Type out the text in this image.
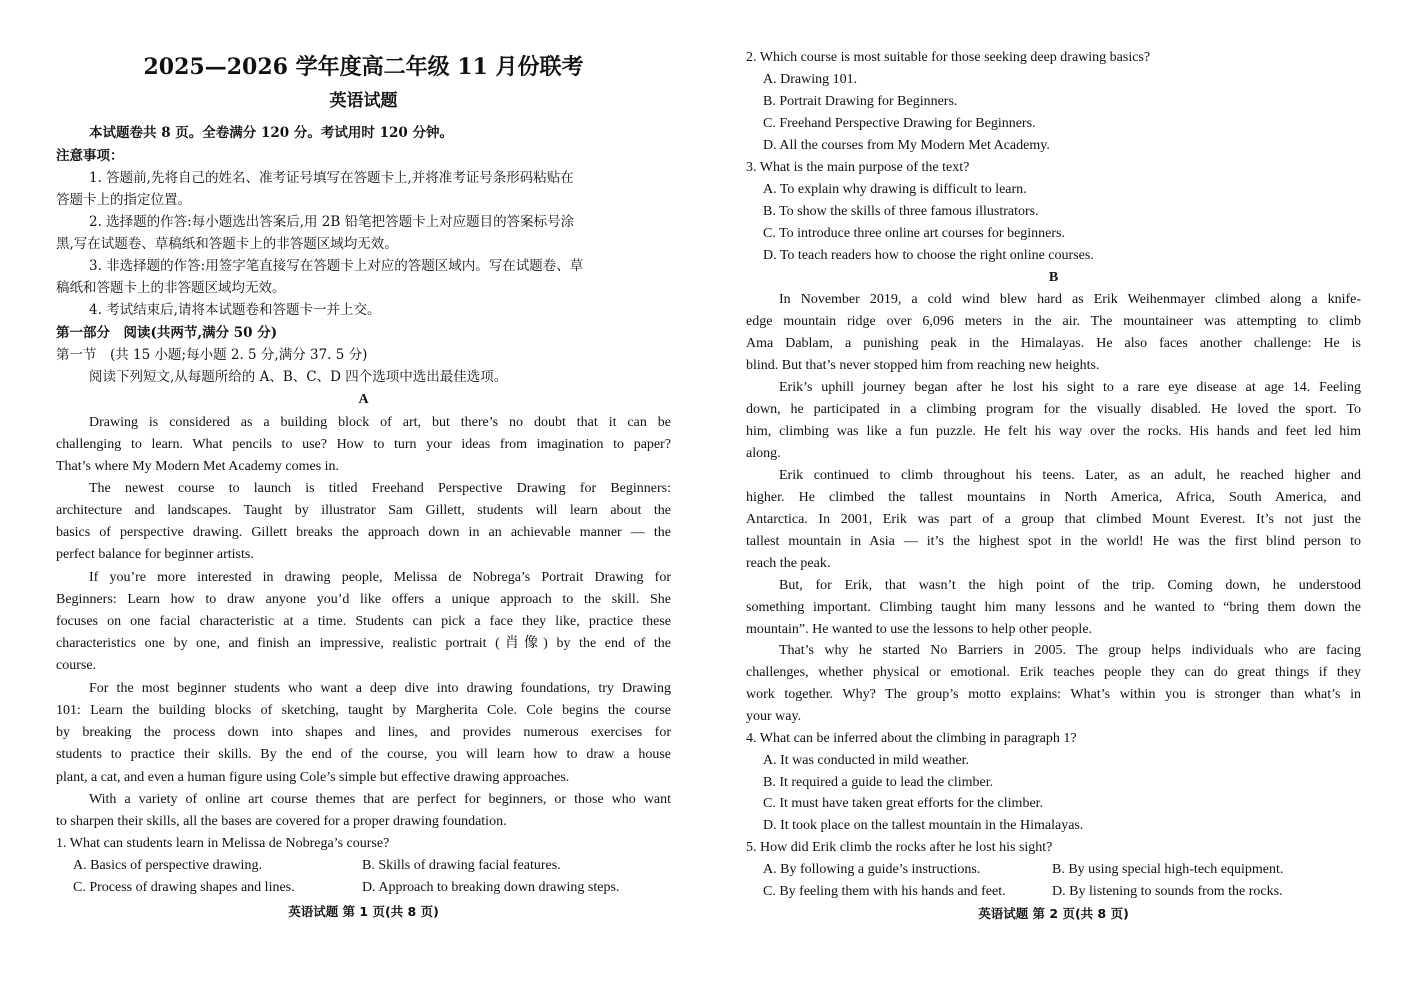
2025—2026 学年度高二年级 11 月份联考
英语试题
本试题卷共 8 页。全卷满分 120 分。考试用时 120 分钟。
注意事项：
1. 答题前,先将自己的姓名、准考证号填写在答题卡上,并将准考证号条形码粘贴在
答题卡上的指定位置。
2. 选择题的作答:每小题选出答案后,用 2B 铅笔把答题卡上对应题目的答案标号涂
黑,写在试题卷、草稿纸和答题卡上的非答题区域均无效。
3. 非选择题的作答:用签字笔直接写在答题卡上对应的答题区域内。写在试题卷、草
稿纸和答题卡上的非答题区域均无效。
4. 考试结束后,请将本试题卷和答题卡一并上交。
第一部分　阅读(共两节,满分 50 分)
第一节　(共 15 小题;每小题 2. 5 分,满分 37. 5 分)
阅读下列短文,从每题所给的 A、B、C、D 四个选项中选出最佳选项。
A
Drawing is considered as a building block of art, but there’s no doubt that it can be
challenging to learn. What pencils to use? How to turn your ideas from imagination to paper?
That’s where My Modern Met Academy comes in.
The newest course to launch is titled Freehand Perspective Drawing for Beginners:
architecture and landscapes. Taught by illustrator Sam Gillett, students will learn about the
basics of perspective drawing. Gillett breaks the approach down in an achievable manner — the
perfect balance for beginner artists.
If you’re more interested in drawing people, Melissa de Nobrega’s Portrait Drawing for
Beginners: Learn how to draw anyone you’d like offers a unique approach to the skill. She
focuses on one facial characteristic at a time. Students can pick a face they like, practice these
characteristics one by one, and finish an impressive, realistic portrait (肖像) by the end of the
course.
For the most beginner students who want a deep dive into drawing foundations, try Drawing
101: Learn the building blocks of sketching, taught by Margherita Cole. Cole begins the course
by breaking the process down into shapes and lines, and provides numerous exercises for
students to practice their skills. By the end of the course, you will learn how to draw a house
plant, a cat, and even a human figure using Cole’s simple but effective drawing approaches.
With a variety of online art course themes that are perfect for beginners, or those who want
to sharpen their skills, all the bases are covered for a proper drawing foundation.
1. What can students learn in Melissa de Nobrega’s course?
A. Basics of perspective drawing.	B. Skills of drawing facial features.
C. Process of drawing shapes and lines.	D. Approach to breaking down drawing steps.
英语试题 第 1 页(共 8 页)
2. Which course is most suitable for those seeking deep drawing basics?
A. Drawing 101.
B. Portrait Drawing for Beginners.
C. Freehand Perspective Drawing for Beginners.
D. All the courses from My Modern Met Academy.
3. What is the main purpose of the text?
A. To explain why drawing is difficult to learn.
B. To show the skills of three famous illustrators.
C. To introduce three online art courses for beginners.
D. To teach readers how to choose the right online courses.
B
In November 2019, a cold wind blew hard as Erik Weihenmayer climbed along a knife-
edge mountain ridge over 6,096 meters in the air. The mountaineer was attempting to climb
Ama Dablam, a punishing peak in the Himalayas. He also faces another challenge: He is
blind. But that’s never stopped him from reaching new heights.
Erik’s uphill journey began after he lost his sight to a rare eye disease at age 14. Feeling
down, he participated in a climbing program for the visually disabled. He loved the sport. To
him, climbing was like a fun puzzle. He felt his way over the rocks. His hands and feet led him
along.
Erik continued to climb throughout his teens. Later, as an adult, he reached higher and
higher. He climbed the tallest mountains in North America, Africa, South America, and
Antarctica. In 2001, Erik was part of a group that climbed Mount Everest. It’s not just the
tallest mountain in Asia — it’s the highest spot in the world! He was the first blind person to
reach the peak.
But, for Erik, that wasn’t the high point of the trip. Coming down, he understood
something important. Climbing taught him many lessons and he wanted to “bring them down the
mountain”. He wanted to use the lessons to help other people.
That’s why he started No Barriers in 2005. The group helps individuals who are facing
challenges, whether physical or emotional. Erik teaches people they can do great things if they
work together. Why? The group’s motto explains: What’s within you is stronger than what’s in
your way.
4. What can be inferred about the climbing in paragraph 1?
A. It was conducted in mild weather.
B. It required a guide to lead the climber.
C. It must have taken great efforts for the climber.
D. It took place on the tallest mountain in the Himalayas.
5. How did Erik climb the rocks after he lost his sight?
A. By following a guide’s instructions.	B. By using special high-tech equipment.
C. By feeling them with his hands and feet.	D. By listening to sounds from the rocks.
英语试题 第 2 页(共 8 页)
